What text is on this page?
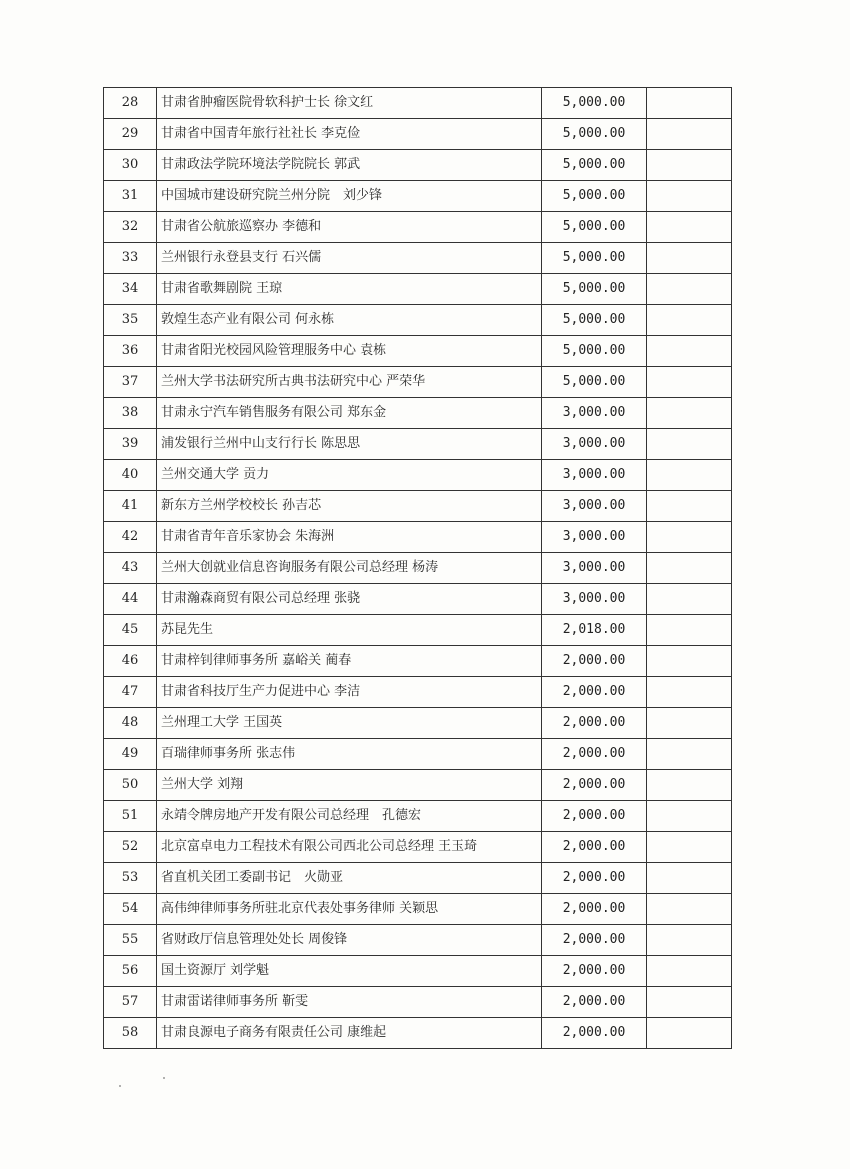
28	甘肃省肿瘤医院骨软科护士长 徐文红	5,000.00	
29	甘肃省中国青年旅行社社长 李克俭	5,000.00	
30	甘肃政法学院环境法学院院长 郭武	5,000.00	
31	中国城市建设研究院兰州分院　刘少锋	5,000.00	
32	甘肃省公航旅巡察办 李德和	5,000.00	
33	兰州银行永登县支行 石兴儒	5,000.00	
34	甘肃省歌舞剧院 王琼	5,000.00	
35	敦煌生态产业有限公司 何永栋	5,000.00	
36	甘肃省阳光校园风险管理服务中心 袁栋	5,000.00	
37	兰州大学书法研究所古典书法研究中心 严荣华	5,000.00	
38	甘肃永宁汽车销售服务有限公司 郑东金	3,000.00	
39	浦发银行兰州中山支行行长 陈思思	3,000.00	
40	兰州交通大学 贡力	3,000.00	
41	新东方兰州学校校长 孙吉芯	3,000.00	
42	甘肃省青年音乐家协会 朱海洲	3,000.00	
43	兰州大创就业信息咨询服务有限公司总经理 杨涛	3,000.00	
44	甘肃瀚森商贸有限公司总经理 张骁	3,000.00	
45	苏昆先生	2,018.00	
46	甘肃梓钊律师事务所 嘉峪关 蔺春	2,000.00	
47	甘肃省科技厅生产力促进中心 李洁	2,000.00	
48	兰州理工大学 王国英	2,000.00	
49	百瑞律师事务所 张志伟	2,000.00	
50	兰州大学 刘翔	2,000.00	
51	永靖令牌房地产开发有限公司总经理　孔德宏	2,000.00	
52	北京富卓电力工程技术有限公司西北公司总经理 王玉琦	2,000.00	
53	省直机关团工委副书记　火勋亚	2,000.00	
54	高伟绅律师事务所驻北京代表处事务律师 关颖思	2,000.00	
55	省财政厅信息管理处处长 周俊锋	2,000.00	
56	国土资源厅 刘学魁	2,000.00	
57	甘肃雷诺律师事务所 靳雯	2,000.00	
58	甘肃良源电子商务有限责任公司 康维起	2,000.00	
